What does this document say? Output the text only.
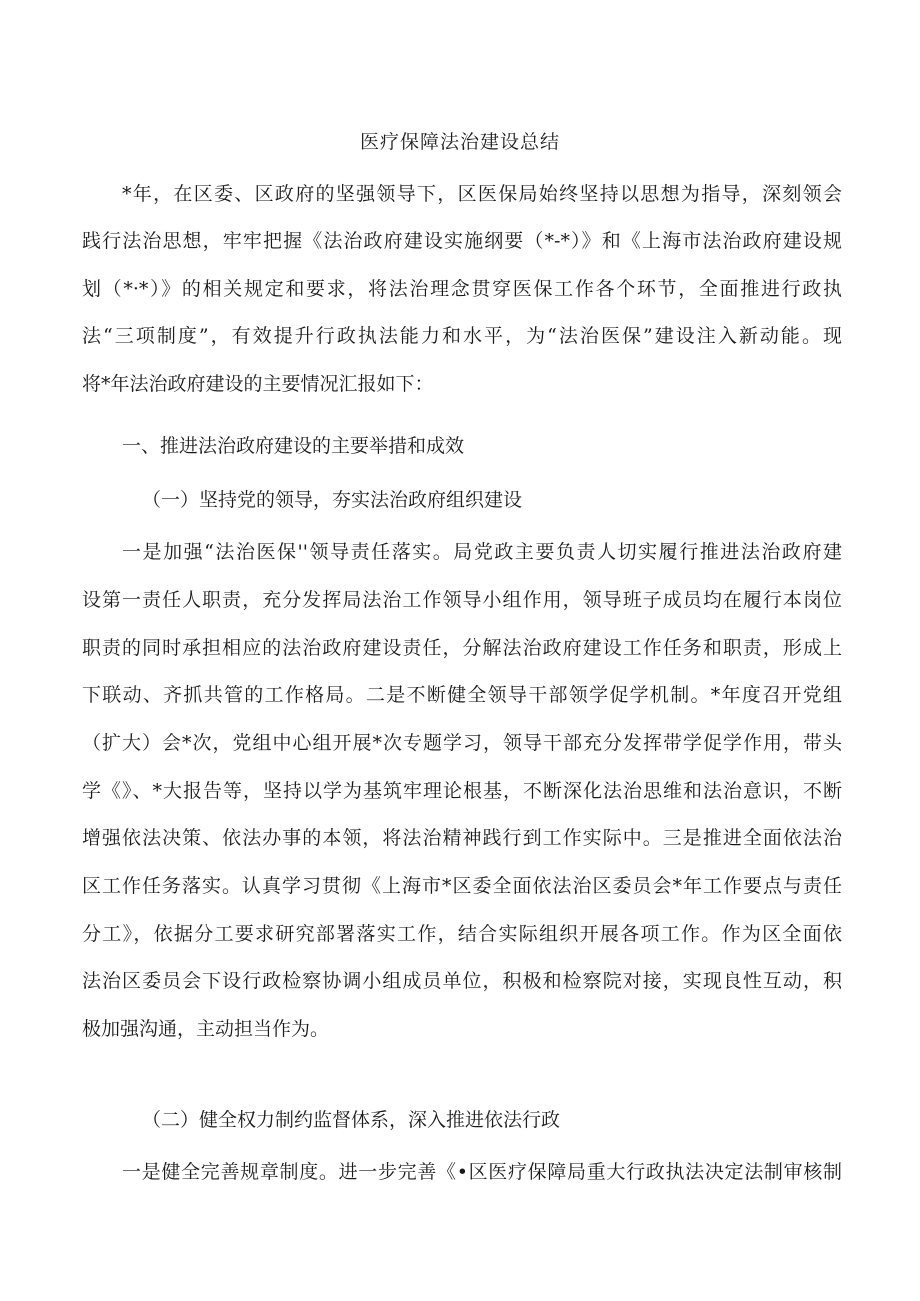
医疗保障法治建设总结
*年，在区委、区政府的坚强领导下，区医保局始终坚持以思想为指导，深刻领会
践行法治思想，牢牢把握《法治政府建设实施纲要（*-*）》和《上海市法治政府建设规
划（*·*）》的相关规定和要求，将法治理念贯穿医保工作各个环节，全面推进行政执
法“三项制度”，有效提升行政执法能力和水平，为“法治医保”建设注入新动能。现
将*年法治政府建设的主要情况汇报如下：
一、推进法治政府建设的主要举措和成效
（一）坚持党的领导，夯实法治政府组织建设
一是加强“法治医保''领导责任落实。局党政主要负责人切实履行推进法治政府建
设第一责任人职责，充分发挥局法治工作领导小组作用，领导班子成员均在履行本岗位
职责的同时承担相应的法治政府建设责任，分解法治政府建设工作任务和职责，形成上
下联动、齐抓共管的工作格局。二是不断健全领导干部领学促学机制。*年度召开党组
（扩大）会*次，党组中心组开展*次专题学习，领导干部充分发挥带学促学作用，带头
学《》、*大报告等，坚持以学为基筑牢理论根基，不断深化法治思维和法治意识，不断
增强依法决策、依法办事的本领，将法治精神践行到工作实际中。三是推进全面依法治
区工作任务落实。认真学习贯彻《上海市*区委全面依法治区委员会*年工作要点与责任
分工》，依据分工要求研究部署落实工作，结合实际组织开展各项工作。作为区全面依
法治区委员会下设行政检察协调小组成员单位，积极和检察院对接，实现良性互动，积
极加强沟通，主动担当作为。
（二）健全权力制约监督体系，深入推进依法行政
一是健全完善规章制度。进一步完善《•区医疗保障局重大行政执法决定法制审核制
